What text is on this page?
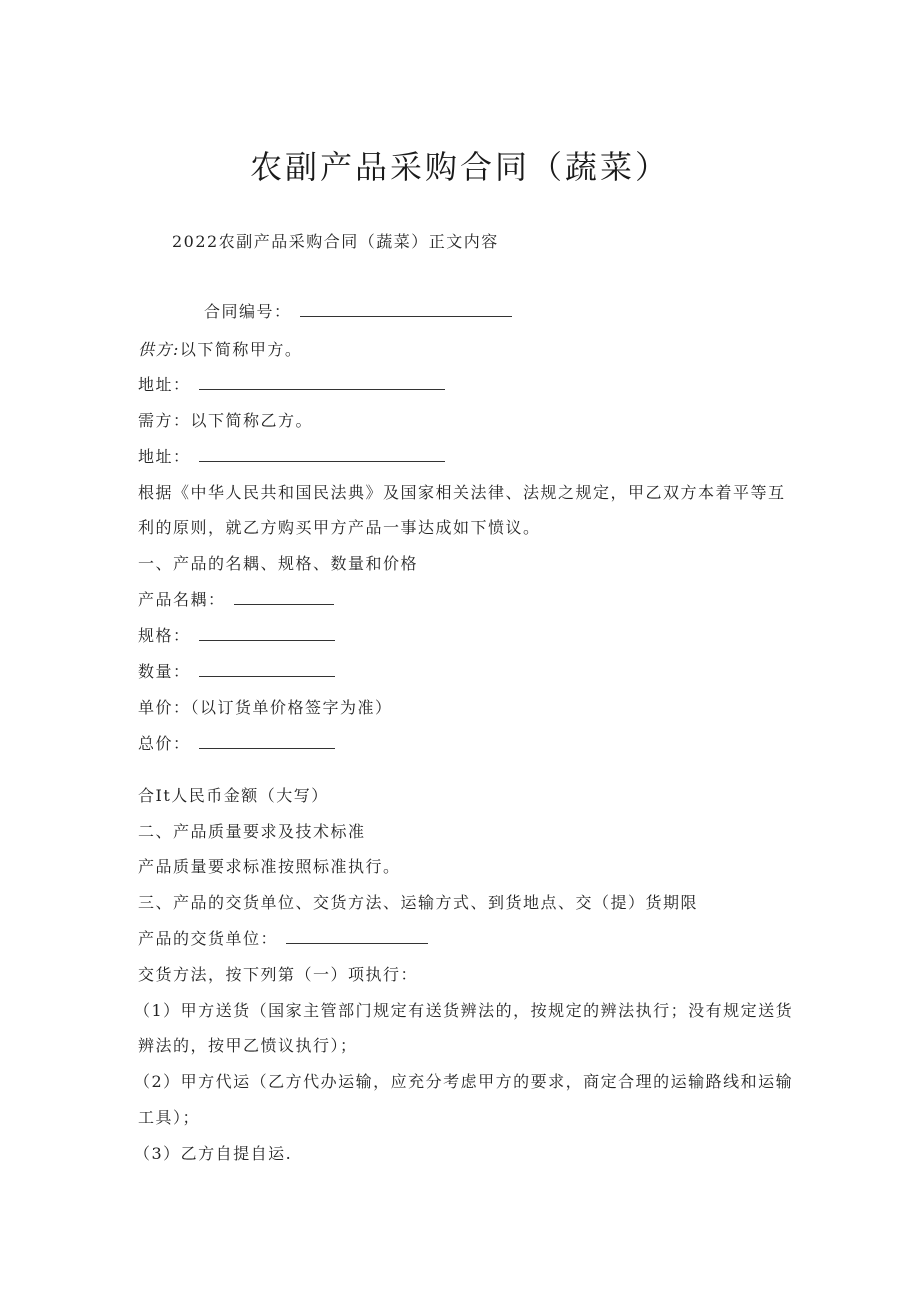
农副产品采购合同（蔬菜）
2022农副产品采购合同（蔬菜）正文内容
合同编号：
供方:以下简称甲方。
地址：
需方：以下简称乙方。
地址：
根据《中华人民共和国民法典》及国家相关法律、法规之规定，甲乙双方本着平等互
利的原则，就乙方购买甲方产品一事达成如下愤议。
一、产品的名耦、规格、数量和价格
产品名耦：
规格：
数量：
单价：（以订货单价格签字为准）
总价：
合It人民币金额（大写）
二、产品质量要求及技术标准
产品质量要求标准按照标准执行。
三、产品的交货单位、交货方法、运输方式、到货地点、交（提）货期限
产品的交货单位：
交货方法，按下列第（一）项执行：
（1）甲方送货（国家主管部门规定有送货辨法的，按规定的辨法执行；没有规定送货
辨法的，按甲乙愤议执行）；
（2）甲方代运（乙方代办运输，应充分考虑甲方的要求，商定合理的运输路线和运输
工具）；
（3）乙方自提自运.
